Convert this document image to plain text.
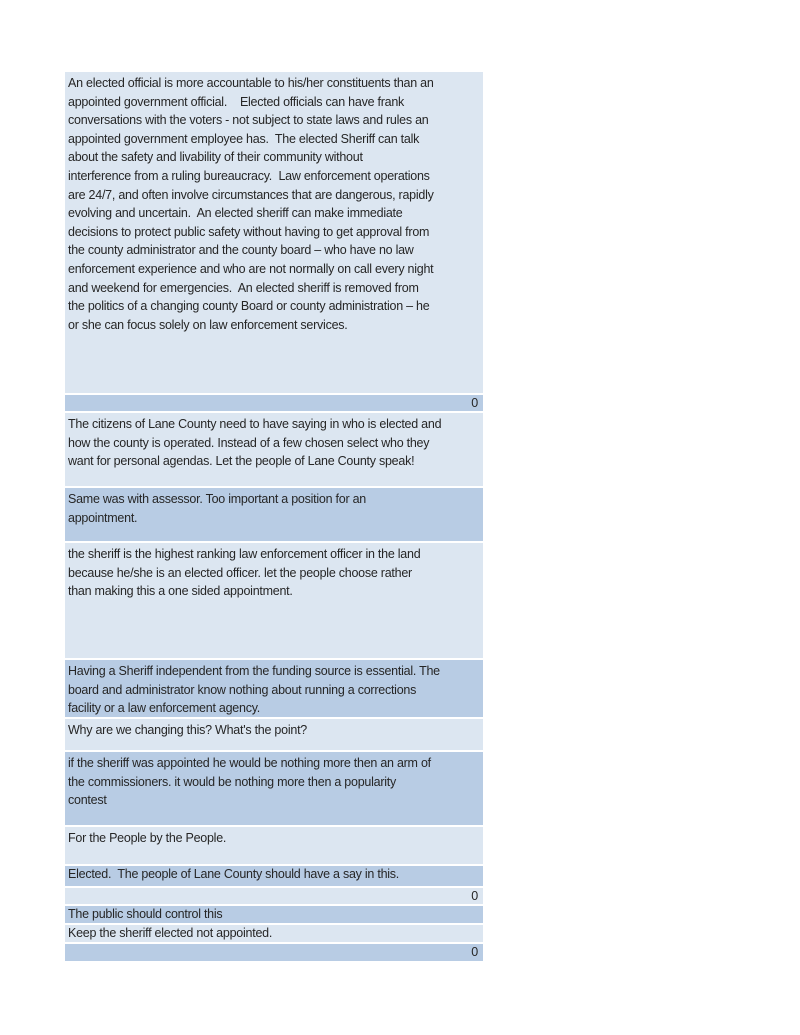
An elected official is more accountable to his/her constituents than an
appointed government official.    Elected officials can have frank
conversations with the voters - not subject to state laws and rules an
appointed government employee has.  The elected Sheriff can talk
about the safety and livability of their community without
interference from a ruling bureaucracy.  Law enforcement operations
are 24/7, and often involve circumstances that are dangerous, rapidly
evolving and uncertain.  An elected sheriff can make immediate
decisions to protect public safety without having to get approval from
the county administrator and the county board – who have no law
enforcement experience and who are not normally on call every night
and weekend for emergencies.  An elected sheriff is removed from
the politics of a changing county Board or county administration – he
or she can focus solely on law enforcement services.
0
The citizens of Lane County need to have saying in who is elected and
how the county is operated. Instead of a few chosen select who they
want for personal agendas. Let the people of Lane County speak!
Same was with assessor. Too important a position for an
appointment.
the sheriff is the highest ranking law enforcement officer in the land
because he/she is an elected officer. let the people choose rather
than making this a one sided appointment.
Having a Sheriff independent from the funding source is essential. The
board and administrator know nothing about running a corrections
facility or a law enforcement agency.
Why are we changing this? What's the point?
if the sheriff was appointed he would be nothing more then an arm of
the commissioners. it would be nothing more then a popularity
contest
For the People by the People.
Elected.  The people of Lane County should have a say in this.
0
The public should control this
Keep the sheriff elected not appointed.
0
